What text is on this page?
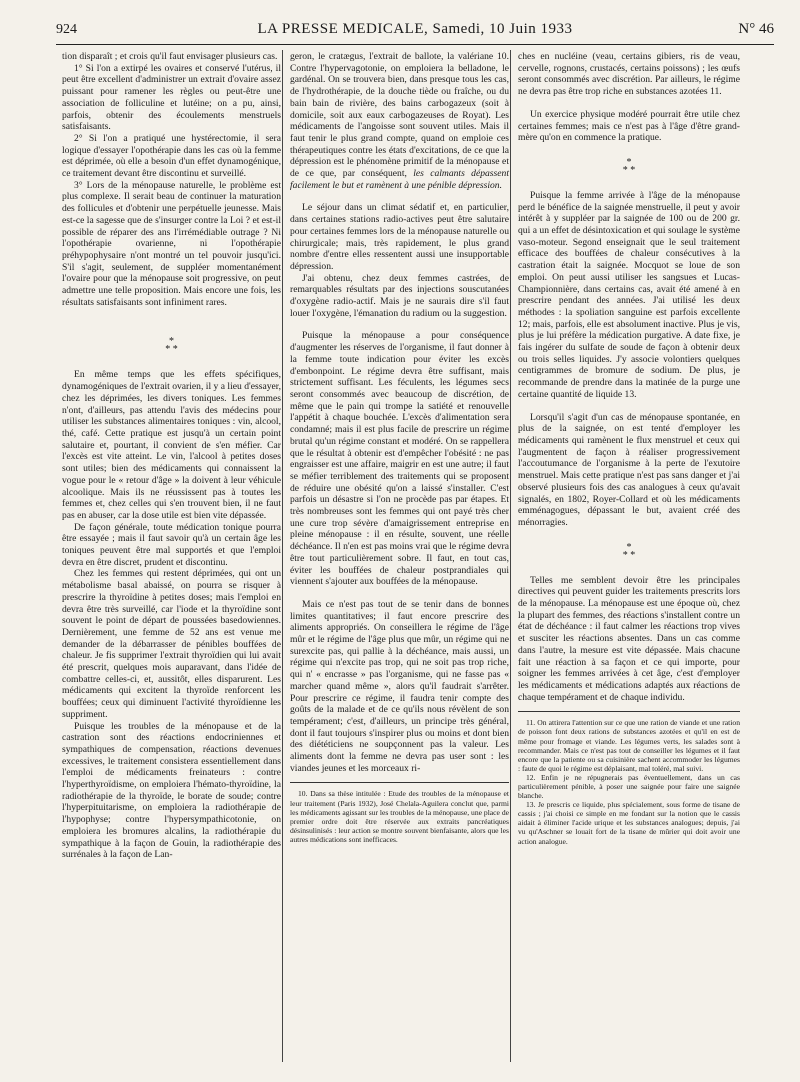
924	LA PRESSE MEDICALE, Samedi, 10 Juin 1933	N° 46

tion disparaît ; et crois qu'il faut envisager plusieurs cas.

1° Si l'on a extirpé les ovaires et conservé l'utérus, il peut être excellent d'administrer un extrait d'ovaire assez puissant pour ramener les règles ou peut-être une association de folliculine et lutéine; on a pu, ainsi, parfois, obtenir des écoulements menstruels satisfaisants.

2° Si l'on a pratiqué une hystérectomie, il sera logique d'essayer l'opothérapie dans les cas où la femme est déprimée, où elle a besoin d'un effet dynamogénique, ce traitement devant être discontinu et surveillé.

3° Lors de la ménopause naturelle, le problème est plus complexe. Il serait beau de continuer la maturation des follicules et d'obtenir une perpétuelle jeunesse. Mais est-ce la sagesse que de s'insurger contre la Loi ? et est-il possible de réparer des ans l'irrémédiable outrage ? Ni l'opothérapie ovarienne, ni l'opothérapie préhypophysaire n'ont montré un tel pouvoir jusqu'ici. S'il s'agit, seulement, de suppléer momentanément l'ovaire pour que la ménopause soit progressive, on peut admettre une telle proposition. Mais encore une fois, les résultats satisfaisants sont infiniment rares.

*
* *

En même temps que les effets spécifiques, dynamogéniques de l'extrait ovarien, il y a lieu d'essayer, chez les déprimées, les divers toniques. Les femmes n'ont, d'ailleurs, pas attendu l'avis des médecins pour utiliser les substances alimentaires toniques : vin, alcool, thé, café. Cette pratique est jusqu'à un certain point salutaire et, pourtant, il convient de s'en méfier. Car l'excès est vite atteint. Le vin, l'alcool à petites doses sont utiles; bien des médicaments qui connaissent la vogue pour le « retour d'âge » la doivent à leur véhicule alcoolique. Mais ils ne réussissent pas à toutes les femmes et, chez celles qui s'en trouvent bien, il ne faut pas en abuser, car la dose utile est bien vite dépassée.

De façon générale, toute médication tonique pourra être essayée ; mais il faut savoir qu'à un certain âge les toniques peuvent être mal supportés et que l'emploi devra en être discret, prudent et discontinu.

Chez les femmes qui restent déprimées, qui ont un métabolisme basal abaissé, on pourra se risquer à prescrire la thyroïdine à petites doses; mais l'emploi en devra être très surveillé, car l'iode et la thyroïdine sont souvent le point de départ de poussées basedowiennes. Dernièrement, une femme de 52 ans est venue me demander de la débarrasser de pénibles bouffées de chaleur. Je fis supprimer l'extrait thyroïdien qui lui avait été prescrit, quelques mois auparavant, dans l'idée de combattre celles-ci, et, aussitôt, elles disparurent. Les médicaments qui excitent la thyroïde renforcent les bouffées; ceux qui diminuent l'activité thyroïdienne les suppriment.

Puisque les troubles de la ménopause et de la castration sont des réactions endocriniennes et sympathiques de compensation, réactions devenues excessives, le traitement consistera essentiellement dans l'emploi de médicaments freinateurs : contre l'hyperthyroïdisme, on emploiera l'hémato-thyroïdine, la radiothérapie de la thyroïde, le borate de soude; contre l'hyperpituitarisme, on emploiera la radiothérapie de l'hypophyse; contre l'hypersympathicotonie, on emploiera les bromures alcalins, la radiothérapie du sympathique à la façon de Gouin, la radiothérapie des surrénales à la façon de Lan-

geron, le cratægus, l'extrait de ballote, la valériane 10. Contre l'hypervagotonie, on emploiera la belladone, le gardénal. On se trouvera bien, dans presque tous les cas, de l'hydrothérapie, de la douche tiède ou fraîche, ou du bain bain de rivière, des bains carbogazeux (soit à domicile, soit aux eaux carbogazeuses de Royat). Les médicaments de l'angoisse sont souvent utiles. Mais il faut tenir le plus grand compte, quand on emploie ces thérapeutiques contre les états d'excitations, de ce que la dépression est le phénomène primitif de la ménopause et de ce que, par conséquent, les calmants dépassent facilement le but et ramènent à une pénible dépression.

Le séjour dans un climat sédatif et, en particulier, dans certaines stations radio-actives peut être salutaire pour certaines femmes lors de la ménopause naturelle ou chirurgicale; mais, très rapidement, le plus grand nombre d'entre elles ressentent aussi une insupportable dépression.

J'ai obtenu, chez deux femmes castrées, de remarquables résultats par des injections souscutanées d'oxygène radio-actif. Mais je ne saurais dire s'il faut louer l'oxygène, l'émanation du radium ou la suggestion.

Puisque la ménopause a pour conséquence d'augmenter les réserves de l'organisme, il faut donner à la femme toute indication pour éviter les excès d'embonpoint. Le régime devra être suffisant, mais strictement suffisant. Les féculents, les légumes secs seront consommés avec beaucoup de discrétion, de même que le pain qui trompe la satiété et renouvelle l'appétit à chaque bouchée. L'excès d'alimentation sera condamné; mais il est plus facile de prescrire un régime brutal qu'un régime constant et modéré. On se rappellera que le résultat à obtenir est d'empêcher l'obésité : ne pas engraisser est une affaire, maigrir en est une autre; il faut se méfier terriblement des traitements qui se proposent de réduire une obésité qu'on a laissé s'installer. C'est parfois un désastre si l'on ne procède pas par étapes. Et très nombreuses sont les femmes qui ont payé très cher une cure trop sévère d'amaigrissement entreprise en pleine ménopause : il en résulte, souvent, une réelle déchéance. Il n'en est pas moins vrai que le régime devra être tout particulièrement sobre. Il faut, en tout cas, éviter les bouffées de chaleur postprandiales qui viennent s'ajouter aux bouffées de la ménopause.

Mais ce n'est pas tout de se tenir dans de bonnes limites quantitatives; il faut encore prescrire des aliments appropriés. On conseillera le régime de l'âge mûr et le régime de l'âge plus que mûr, un régime qui ne surexcite pas, qui pallie à la déchéance, mais aussi, un régime qui n'excite pas trop, qui ne soit pas trop riche, qui n' « encrasse » pas l'organisme, qui ne fasse pas « marcher quand même », alors qu'il faudrait s'arrêter. Pour prescrire ce régime, il faudra tenir compte des goûts de la malade et de ce qu'ils nous révèlent de son tempérament; c'est, d'ailleurs, un principe très général, dont il faut toujours s'inspirer plus ou moins et dont bien des diététiciens ne soupçonnent pas la valeur. Les aliments dont la femme ne devra pas user sont : les viandes jeunes et les morceaux ri-

10. Dans sa thèse intitulée : Etude des troubles de la ménopause et leur traitement (Paris 1932), José Chelala-Aguilera conclut que, parmi les médicaments agissant sur les troubles de la ménopause, une place de premier ordre doit être réservée aux extraits pancréatiques désinsulinisés : leur action se montre souvent bienfaisante, alors que les autres médications sont inefficaces.

ches en nucléine (veau, certains gibiers, ris de veau, cervelle, rognons, crustacés, certains poissons) ; les œufs seront consommés avec discrétion. Par ailleurs, le régime ne devra pas être trop riche en substances azotées 11.

Un exercice physique modéré pourrait être utile chez certaines femmes; mais ce n'est pas à l'âge d'être grand-mère qu'on en commence la pratique.

*
* *

Puisque la femme arrivée à l'âge de la ménopause perd le bénéfice de la saignée menstruelle, il peut y avoir intérêt à y suppléer par la saignée de 100 ou de 200 gr. qui a un effet de désintoxication et qui soulage le système vaso-moteur. Segond enseignait que le seul traitement efficace des bouffées de chaleur consécutives à la castration était la saignée. Mocquot se loue de son emploi. On peut aussi utiliser les sangsues et Lucas-Championnière, dans certains cas, avait été amené à en prescrire pendant des années. J'ai utilisé les deux méthodes : la spoliation sanguine est parfois excellente 12; mais, parfois, elle est absolument inactive. Plus je vis, plus je lui préfère la médication purgative. A date fixe, je fais ingérer du sulfate de soude de façon à obtenir deux ou trois selles liquides. J'y associe volontiers quelques centigrammes de bromure de sodium. De plus, je recommande de prendre dans la matinée de la purge une certaine quantité de liquide 13.

Lorsqu'il s'agit d'un cas de ménopause spontanée, en plus de la saignée, on est tenté d'employer les médicaments qui ramènent le flux menstruel et ceux qui l'augmentent de façon à réaliser progressivement l'accoutumance de l'organisme à la perte de l'exutoire menstruel. Mais cette pratique n'est pas sans danger et j'ai observé plusieurs fois des cas analogues à ceux qu'avait signalés, en 1802, Royer-Collard et où les médicaments emménagogues, dépassant le but, avaient créé des ménorragies.

*
* *

Telles me semblent devoir être les principales directives qui peuvent guider les traitements prescrits lors de la ménopause. La ménopause est une époque où, chez la plupart des femmes, des réactions s'installent contre un état de déchéance : il faut calmer les réactions trop vives et susciter les réactions absentes. Dans un cas comme dans l'autre, la mesure est vite dépassée. Mais chacune fait une réaction à sa façon et ce qui importe, pour soigner les femmes arrivées à cet âge, c'est d'employer les médicaments et médications adaptés aux réactions de chaque tempérament et de chaque individu.

11. On attirera l'attention sur ce que une ration de viande et une ration de poisson font deux rations de substances azotées et qu'il en est de même pour fromage et viande. Les légumes verts, les salades sont à recommander. Mais ce n'est pas tout de conseiller les légumes et il faut encore que la patiente ou sa cuisinière sachent accommoder les légumes : faute de quoi le régime est déplaisant, mal toléré, mal suivi.

12. Enfin je ne répugnerais pas éventuellement, dans un cas particulièrement pénible, à poser une saignée pour faire une saignée blanche.

13. Je prescris ce liquide, plus spécialement, sous forme de tisane de cassis ; j'ai choisi ce simple en me fondant sur la notion que le cassis aidait à éliminer l'acide urique et les substances analogues; depuis, j'ai vu qu'Aschner se louait fort de la tisane de mûrier qui doit avoir une action analogue.
